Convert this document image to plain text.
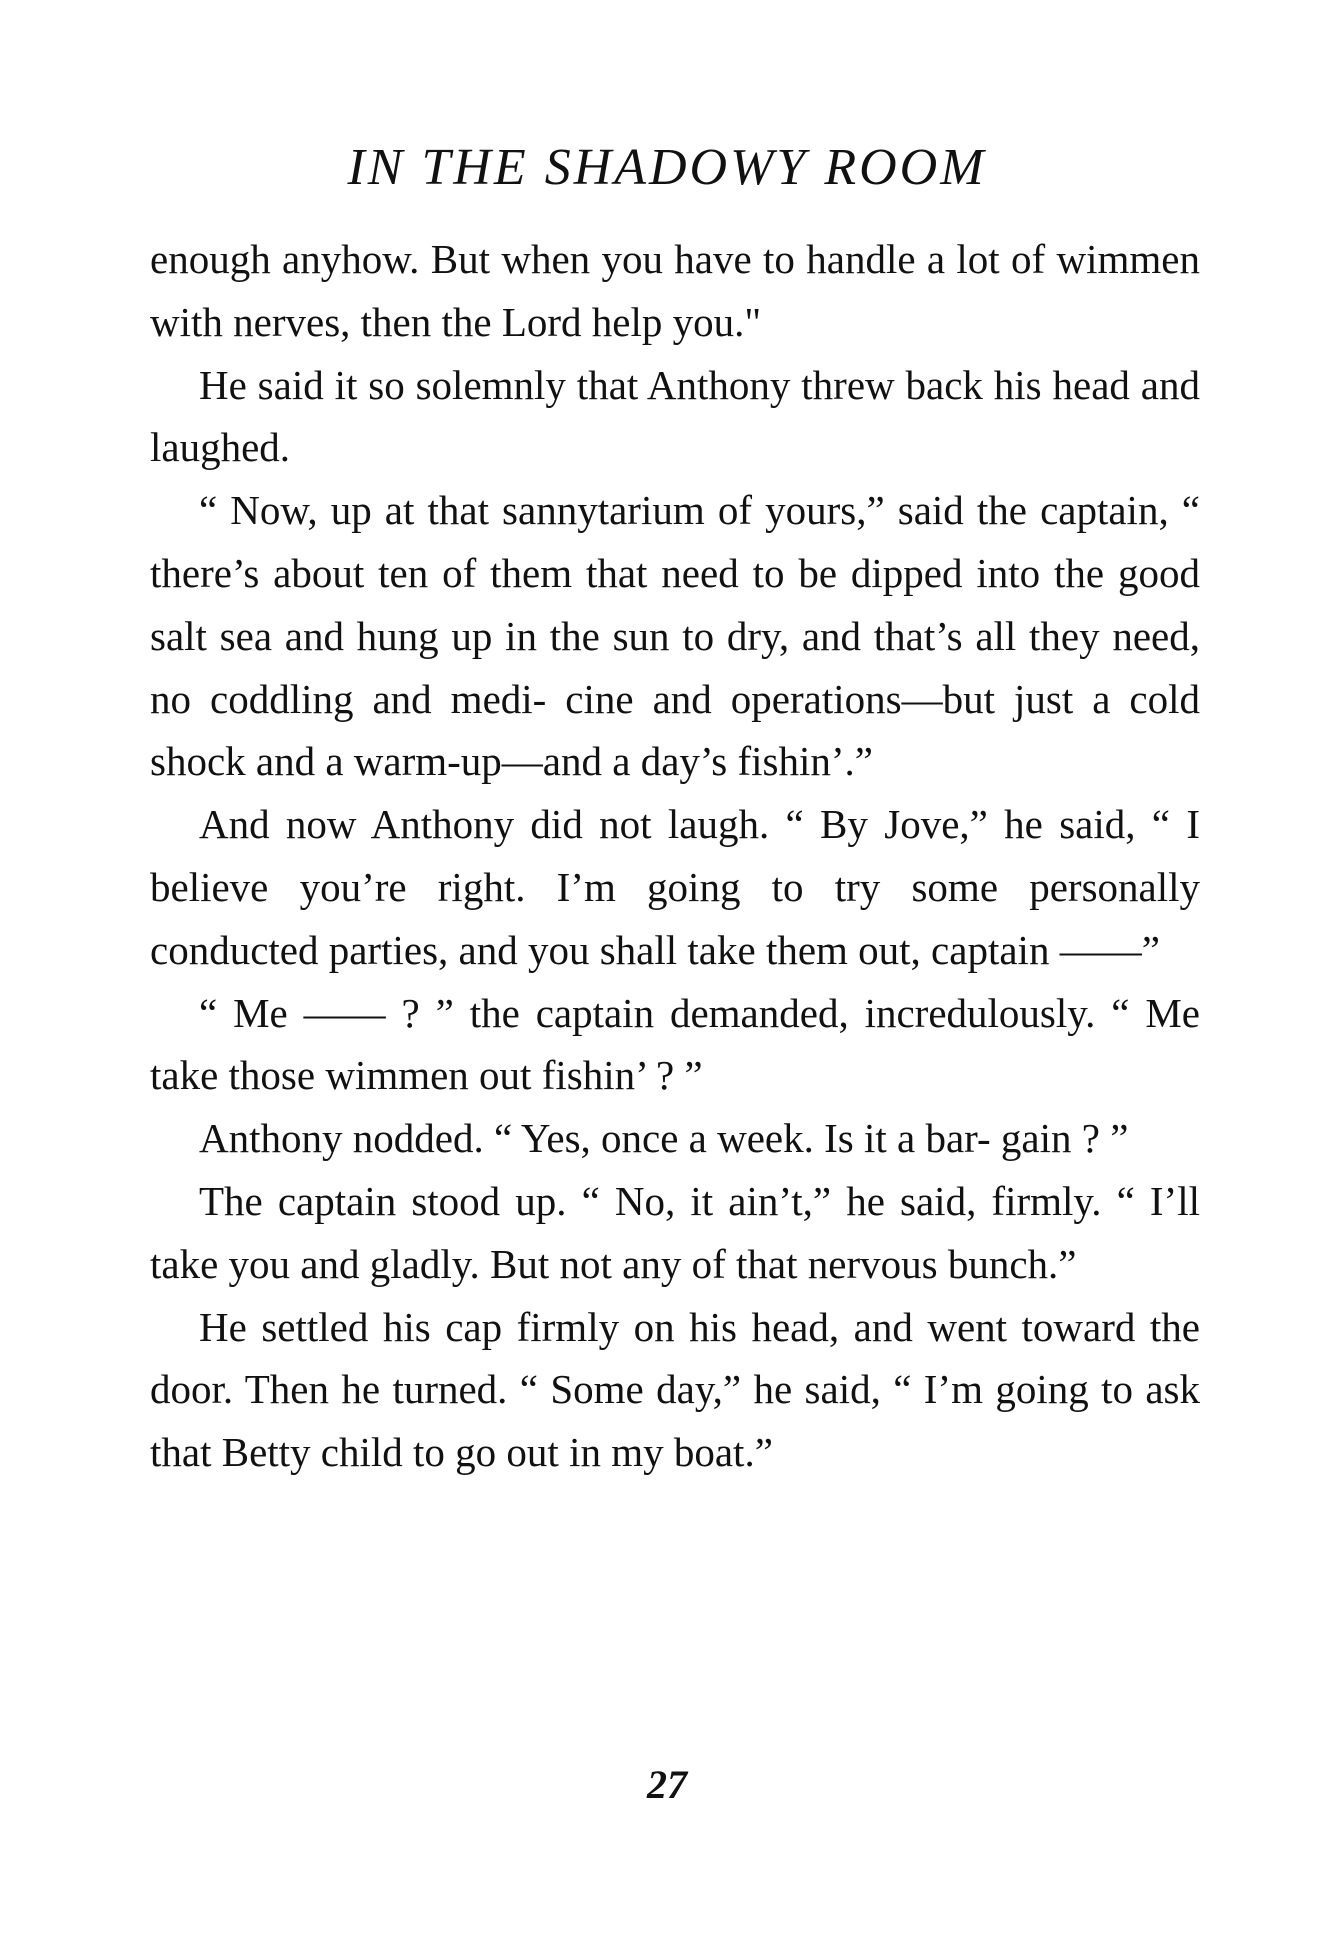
IN THE SHADOWY ROOM

enough anyhow. But when you have to handle a lot of wimmen with nerves, then the Lord help you."

He said it so solemnly that Anthony threw back his head and laughed.

“ Now, up at that sannytarium of yours,” said the captain, “ there’s about ten of them that need to be dipped into the good salt sea and hung up in the sun to dry, and that’s all they need, no coddling and medi- cine and operations—but just a cold shock and a warm-up—and a day’s fishin’.”

And now Anthony did not laugh. “ By Jove,” he said, “ I believe you’re right. I’m going to try some personally conducted parties, and you shall take them out, captain ——”

“ Me —— ? ” the captain demanded, incredulously. “ Me take those wimmen out fishin’ ? ”

Anthony nodded. “ Yes, once a week. Is it a bar- gain ? ”

The captain stood up. “ No, it ain’t,” he said, firmly. “ I’ll take you and gladly. But not any of that nervous bunch.”

He settled his cap firmly on his head, and went toward the door. Then he turned. “ Some day,” he said, “ I’m going to ask that Betty child to go out in my boat.”

27
